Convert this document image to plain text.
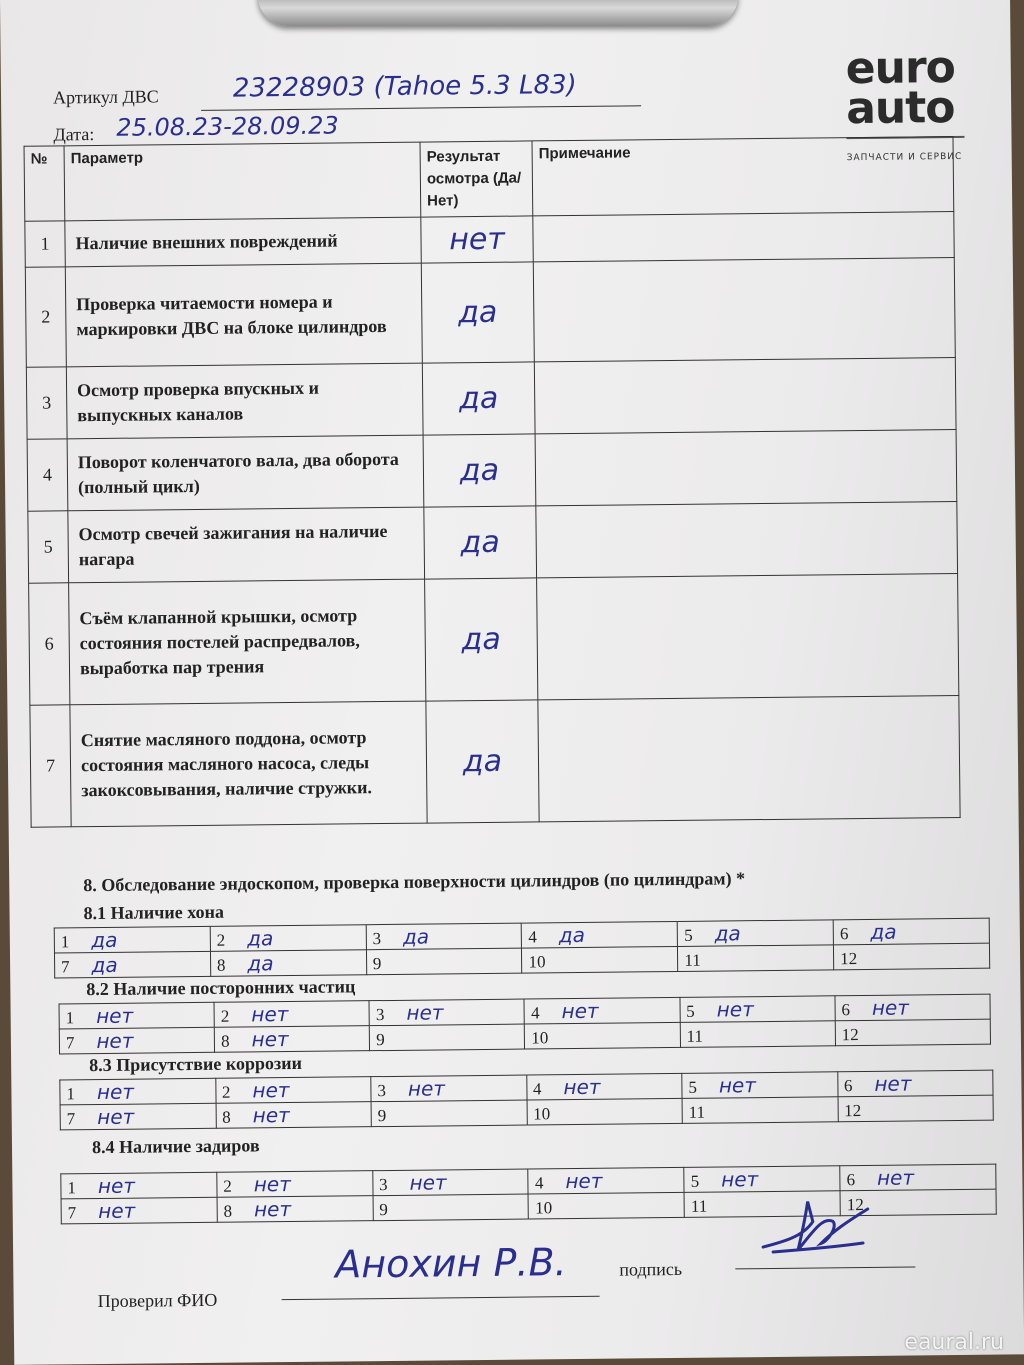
Артикул ДВС	23228903 (Tahoe 5.3 L83)
Дата: 25.08.23-28.09.23
euro
auto
ЗАПЧАСТИ И СЕРВИС
№	Параметр	Результат осмотра (Да/Нет)	Примечание
1	Наличие внешних повреждений	нет	
2	Проверка читаемости номера и маркировки ДВС на блоке цилиндров	да	
3	Осмотр проверка впускных и выпускных каналов	да	
4	Поворот коленчатого вала, два оборота (полный цикл)	да	
5	Осмотр свечей зажигания на наличие нагара	да	
6	Съём клапанной крышки, осмотр состояния постелей распредвалов, выработка пар трения	да	
7	Снятие масляного поддона, осмотр состояния масляного насоса, следы закоксовывания, наличие стружки.	да	
8. Обследование эндоскопом, проверка поверхности цилиндров (по цилиндрам) *
8.1 Наличие хона
1 да	2 да	3 да	4 да	5 да	6 да
7 да	8 да	9	10	11	12
8.2 Наличие посторонних частиц
1 нет	2 нет	3 нет	4 нет	5 нет	6 нет
7 нет	8 нет	9	10	11	12
8.3 Присутствие коррозии
1 нет	2 нет	3 нет	4 нет	5 нет	6 нет
7 нет	8 нет	9	10	11	12
8.4 Наличие задиров
1 нет	2 нет	3 нет	4 нет	5 нет	6 нет
7 нет	8 нет	9	10	11	12
Проверил ФИО
Анохин Р.В.	подпись
eaural.ru
